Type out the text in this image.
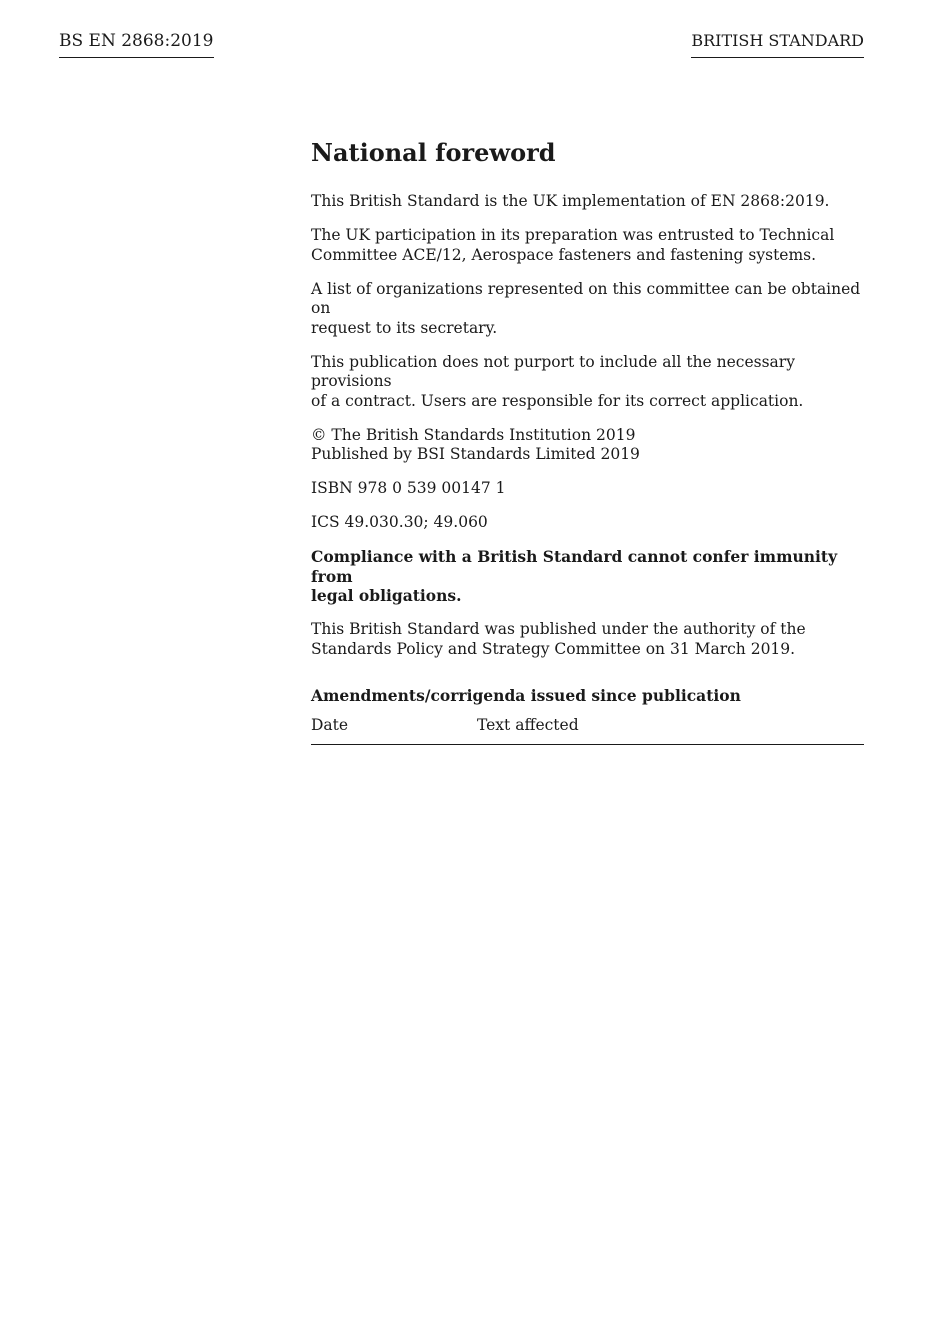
BS EN 2868:2019	BRITISH STANDARD
National foreword

This British Standard is the UK implementation of EN 2868:2019.

The UK participation in its preparation was entrusted to Technical
Committee ACE/12, Aerospace fasteners and fastening systems.

A list of organizations represented on this committee can be obtained on
request to its secretary.

This publication does not purport to include all the necessary provisions
of a contract. Users are responsible for its correct application.

© The British Standards Institution 2019
Published by BSI Standards Limited 2019

ISBN 978 0 539 00147 1

ICS 49.030.30; 49.060

Compliance with a British Standard cannot confer immunity from
legal obligations.

This British Standard was published under the authority of the
Standards Policy and Strategy Committee on 31 March 2019.

Amendments/corrigenda issued since publication
Date	Text affected
